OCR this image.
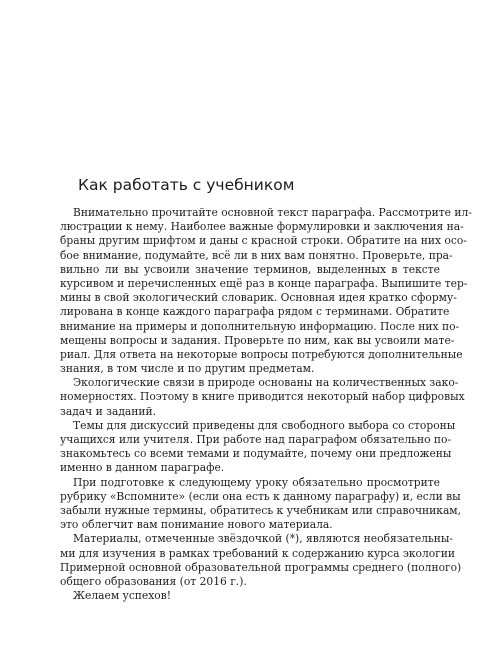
Как работать с учебником
Внимательно прочитайте основной текст параграфа. Рассмотрите ил-
люстрации к нему. Наиболее важные формулировки и заключения на-
браны другим шрифтом и даны с красной строки. Обратите на них осо-
бое внимание, подумайте, всё ли в них вам понятно. Проверьте, пра-
вильно ли вы усвоили значение терминов, выделенных в тексте
курсивом и перечисленных ещё раз в конце параграфа. Выпишите тер-
мины в свой экологический словарик. Основная идея кратко сформу-
лирована в конце каждого параграфа рядом с терминами. Обратите
внимание на примеры и дополнительную информацию. После них по-
мещены вопросы и задания. Проверьте по ним, как вы усвоили мате-
риал. Для ответа на некоторые вопросы потребуются дополнительные
знания, в том числе и по другим предметам.
Экологические связи в природе основаны на количественных зако-
номерностях. Поэтому в книге приводится некоторый набор цифровых
задач и заданий.
Темы для дискуссий приведены для свободного выбора со стороны
учащихся или учителя. При работе над параграфом обязательно по-
знакомьтесь со всеми темами и подумайте, почему они предложены
именно в данном параграфе.
При подготовке к следующему уроку обязательно просмотрите
рубрику «Вспомните» (если она есть к данному параграфу) и, если вы
забыли нужные термины, обратитесь к учебникам или справочникам,
это облегчит вам понимание нового материала.
Материалы, отмеченные звёздочкой (*), являются необязательны-
ми для изучения в рамках требований к содержанию курса экологии
Примерной основной образовательной программы среднего (полного)
общего образования (от 2016 г.).
Желаем успехов!
